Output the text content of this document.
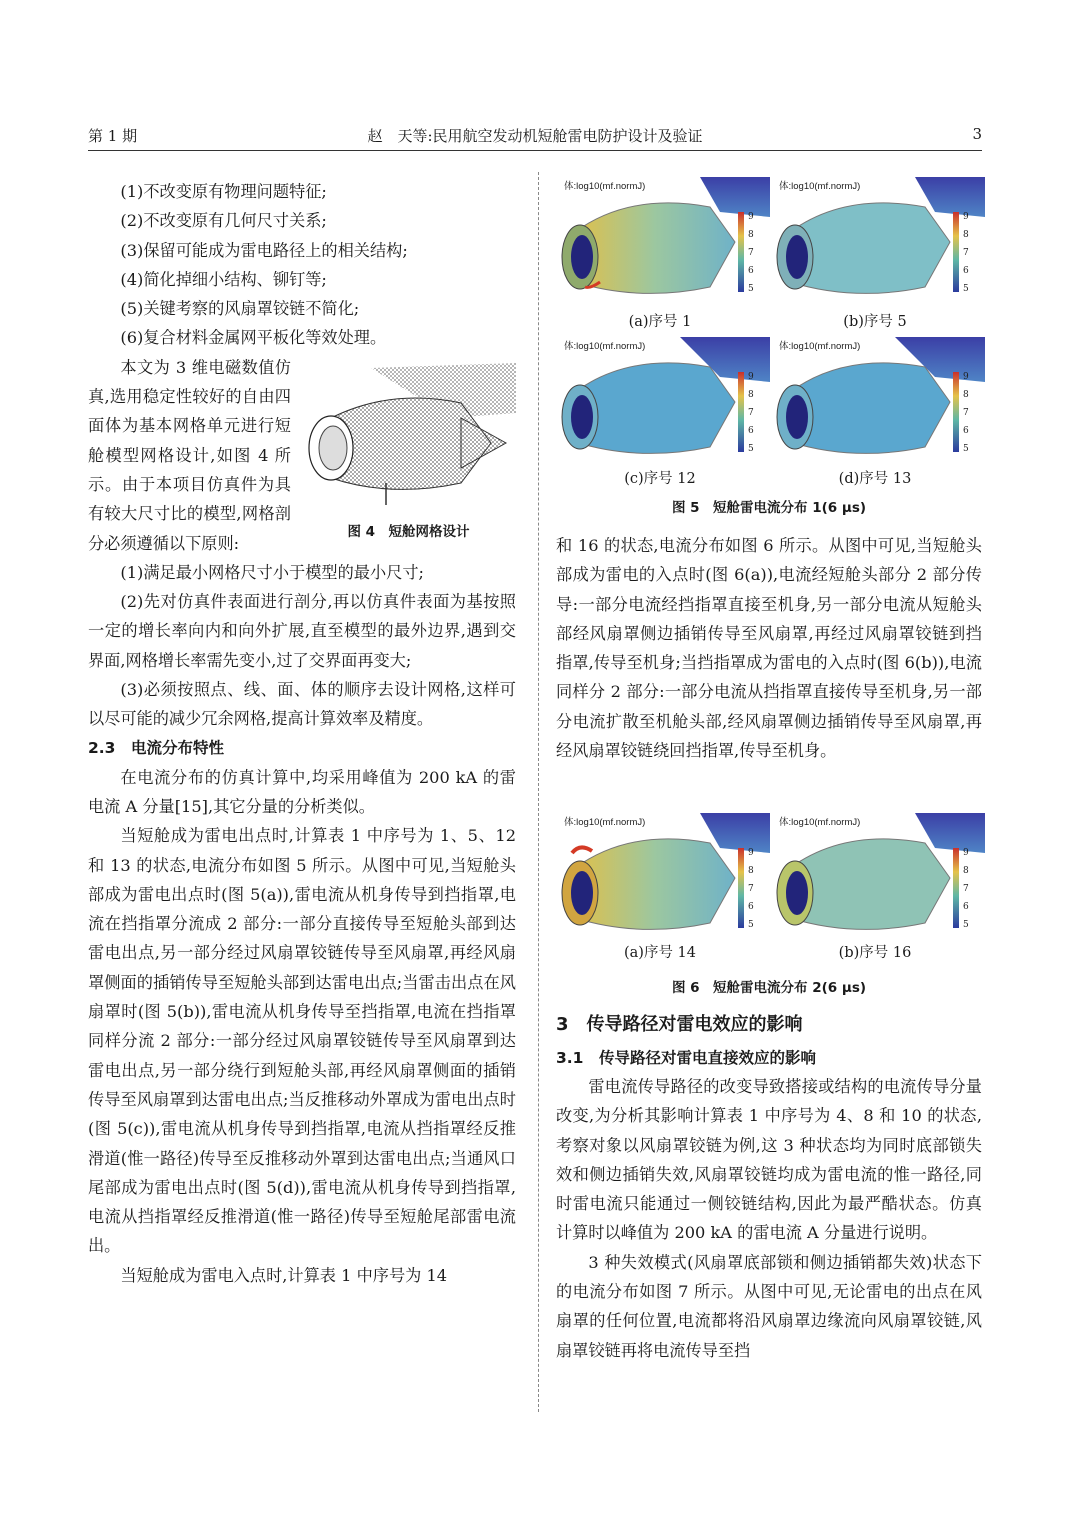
第 1 期	赵　天等:民用航空发动机短舱雷电防护设计及验证	3

(1)不改变原有物理问题特征;

(2)不改变原有几何尺寸关系;

(3)保留可能成为雷电路径上的相关结构;

(4)简化掉细小结构、铆钉等;

(5)关键考察的风扇罩铰链不简化;

(6)复合材料金属网平板化等效处理。

图 4　短舱网格设计
本文为 3 维电磁数值仿真,选用稳定性较好的自由四面体为基本网格单元进行短舱模型网格设计,如图 4 所示。由于本项目仿真件为具有较大尺寸比的模型,网格剖分必须遵循以下原则:

(1)满足最小网格尺寸小于模型的最小尺寸;

(2)先对仿真件表面进行剖分,再以仿真件表面为基按照一定的增长率向内和向外扩展,直至模型的最外边界,遇到交界面,网格增长率需先变小,过了交界面再变大;

(3)必须按照点、线、面、体的顺序去设计网格,这样可以尽可能的减少冗余网格,提高计算效率及精度。

2.3　电流分布特性

在电流分布的仿真计算中,均采用峰值为 200 kA 的雷电流 A 分量[15],其它分量的分析类似。

当短舱成为雷电出点时,计算表 1 中序号为 1、5、12 和 13 的状态,电流分布如图 5 所示。从图中可见,当短舱头部成为雷电出点时(图 5(a)),雷电流从机身传导到挡指罩,电流在挡指罩分流成 2 部分:一部分直接传导至短舱头部到达雷电出点,另一部分经过风扇罩铰链传导至风扇罩,再经风扇罩侧面的插销传导至短舱头部到达雷电出点;当雷击出点在风扇罩时(图 5(b)),雷电流从机身传导至挡指罩,电流在挡指罩同样分流 2 部分:一部分经过风扇罩铰链传导至风扇罩到达雷电出点,另一部分绕行到短舱头部,再经风扇罩侧面的插销传导至风扇罩到达雷电出点;当反推移动外罩成为雷电出点时(图 5(c)),雷电流从机身传导到挡指罩,电流从挡指罩经反推滑道(惟一路径)传导至反推移动外罩到达雷电出点;当通风口尾部成为雷电出点时(图 5(d)),雷电流从机身传导到挡指罩,电流从挡指罩经反推滑道(惟一路径)传导至短舱尾部雷电流出。

当短舱成为雷电入点时,计算表 1 中序号为 14

9
8
7
6
5
体:log10(mf.normJ)
9
8
7
6
5
体:log10(mf.normJ)
(a)序号 1	(b)序号 5
9
8
7
6
5
体:log10(mf.normJ)
9
8
7
6
5
体:log10(mf.normJ)
(c)序号 12	(d)序号 13
图 5　短舱雷电流分布 1(6 μs)

和 16 的状态,电流分布如图 6 所示。从图中可见,当短舱头部成为雷电的入点时(图 6(a)),电流经短舱头部分 2 部分传导:一部分电流经挡指罩直接至机身,另一部分电流从短舱头部经风扇罩侧边插销传导至风扇罩,再经过风扇罩铰链到挡指罩,传导至机身;当挡指罩成为雷电的入点时(图 6(b)),电流同样分 2 部分:一部分电流从挡指罩直接传导至机身,另一部分电流扩散至机舱头部,经风扇罩侧边插销传导至风扇罩,再经风扇罩铰链绕回挡指罩,传导至机身。

9
8
7
6
5
体:log10(mf.normJ)
9
8
7
6
5
体:log10(mf.normJ)
(a)序号 14	(b)序号 16
图 6　短舱雷电流分布 2(6 μs)

3　传导路径对雷电效应的影响

3.1　传导路径对雷电直接效应的影响

雷电流传导路径的改变导致搭接或结构的电流传导分量改变,为分析其影响计算表 1 中序号为 4、8 和 10 的状态,考察对象以风扇罩铰链为例,这 3 种状态均为同时底部锁失效和侧边插销失效,风扇罩铰链均成为雷电流的惟一路径,同时雷电流只能通过一侧铰链结构,因此为最严酷状态。仿真计算时以峰值为 200 kA 的雷电流 A 分量进行说明。

3 种失效模式(风扇罩底部锁和侧边插销都失效)状态下的电流分布如图 7 所示。从图中可见,无论雷电的出点在风扇罩的任何位置,电流都将沿风扇罩边缘流向风扇罩铰链,风扇罩铰链再将电流传导至挡
